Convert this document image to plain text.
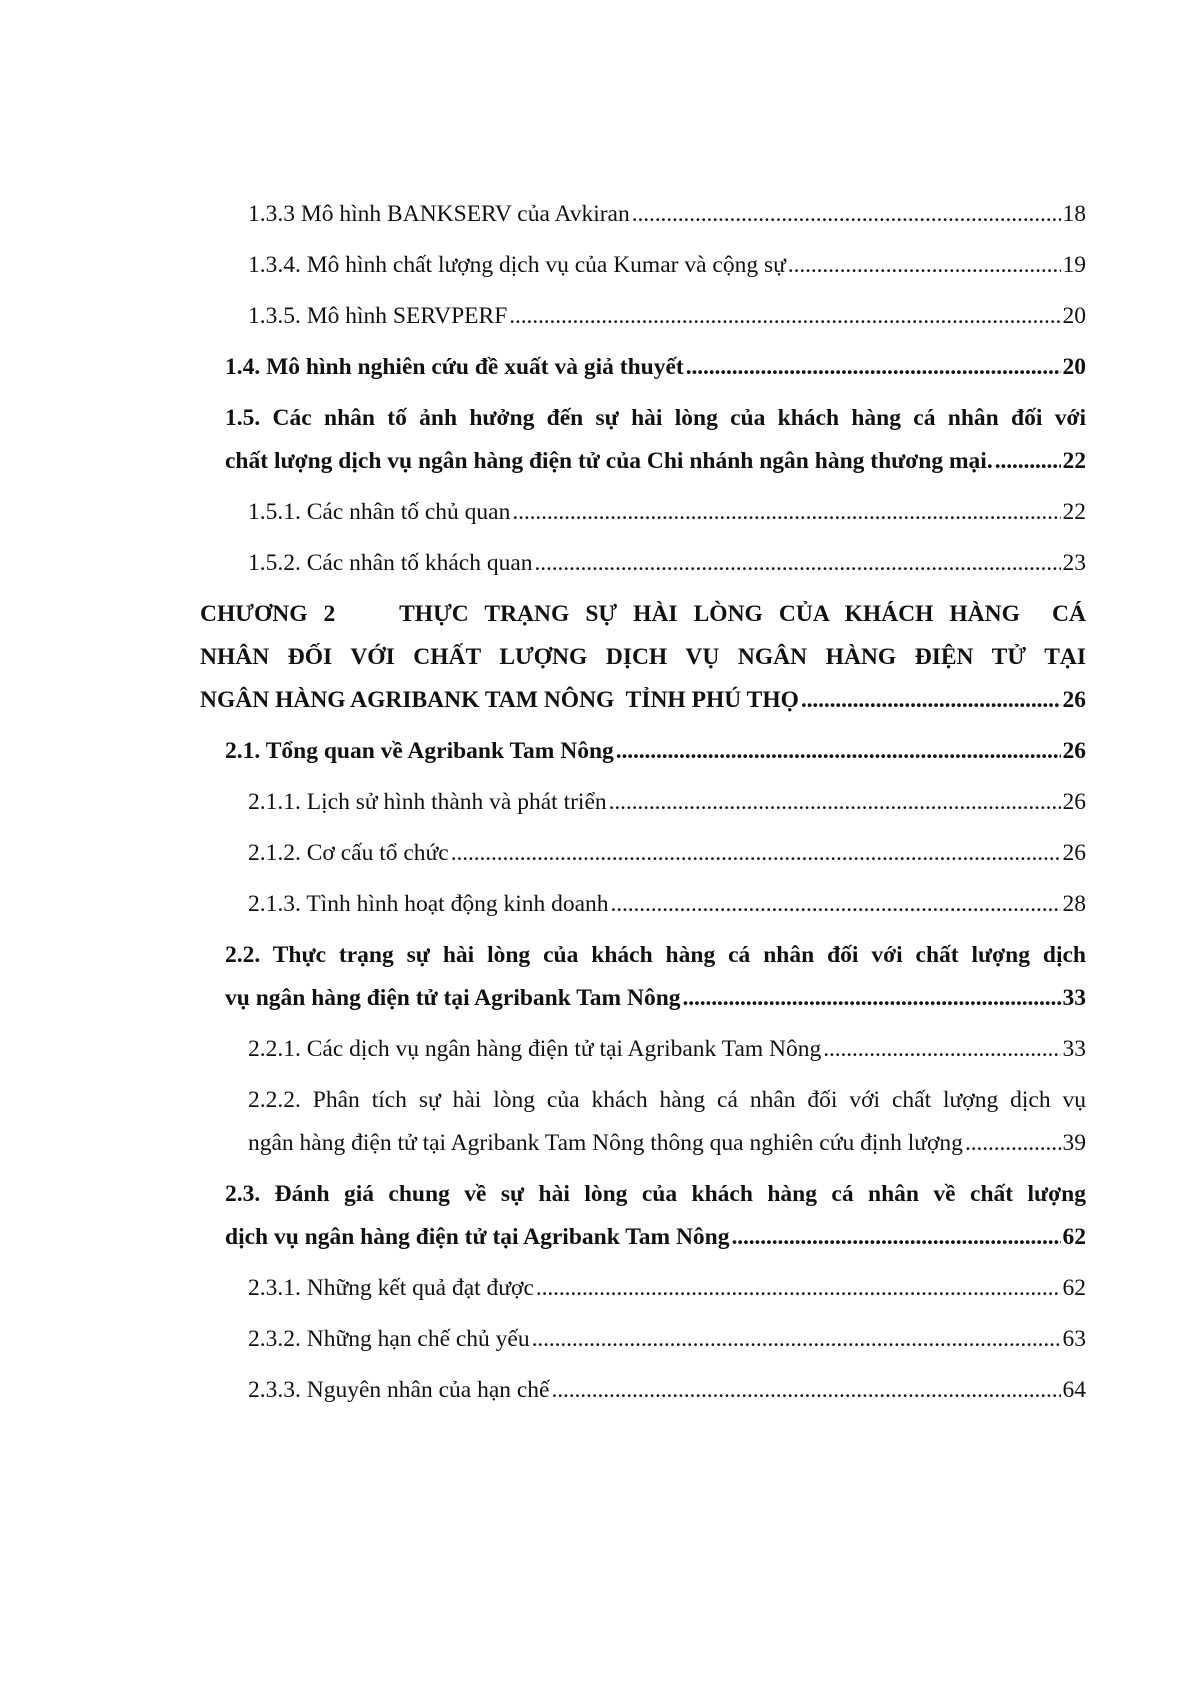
1.3.3 Mô hình BANKSERV của Avkiran . . .	18
1.3.4. Mô hình chất lượng dịch vụ của Kumar và cộng sự . . .	19
1.3.5. Mô hình SERVPERF . . .	20
1.4. Mô hình nghiên cứu đề xuất và giả thuyết . . .	20
1.5. Các nhân tố ảnh hưởng đến sự hài lòng của khách hàng cá nhân đối với
chất lượng dịch vụ ngân hàng điện tử của Chi nhánh ngân hàng thương mại. . . .	22
1.5.1. Các nhân tố chủ quan . . .	22
1.5.2. Các nhân tố khách quan . . .	23
CHƯƠNG 2    THỰC TRẠNG SỰ HÀI LÒNG CỦA KHÁCH HÀNG  CÁ
NHÂN ĐỐI VỚI CHẤT LƯỢNG DỊCH VỤ NGÂN HÀNG ĐIỆN TỬ TẠI
NGÂN HÀNG AGRIBANK TAM NÔNG  TỈNH PHÚ THỌ . . .	26
2.1. Tổng quan về Agribank Tam Nông . . .	26
2.1.1. Lịch sử hình thành và phát triển . . .	26
2.1.2. Cơ cấu tổ chức . . .	26
2.1.3. Tình hình hoạt động kinh doanh . . .	28
2.2. Thực trạng sự hài lòng của khách hàng cá nhân đối với chất lượng dịch
vụ ngân hàng điện tử tại Agribank Tam Nông . . .	33
2.2.1. Các dịch vụ ngân hàng điện tử tại Agribank Tam Nông . . .	33
2.2.2. Phân tích sự hài lòng của khách hàng cá nhân đối với chất lượng dịch vụ
ngân hàng điện tử tại Agribank Tam Nông thông qua nghiên cứu định lượng . . .	39
2.3. Đánh giá chung về sự hài lòng của khách hàng cá nhân về chất lượng
dịch vụ ngân hàng điện tử tại Agribank Tam Nông . . .	62
2.3.1. Những kết quả đạt được . . .	62
2.3.2. Những hạn chế chủ yếu . . .	63
2.3.3. Nguyên nhân của hạn chế . . .	64
